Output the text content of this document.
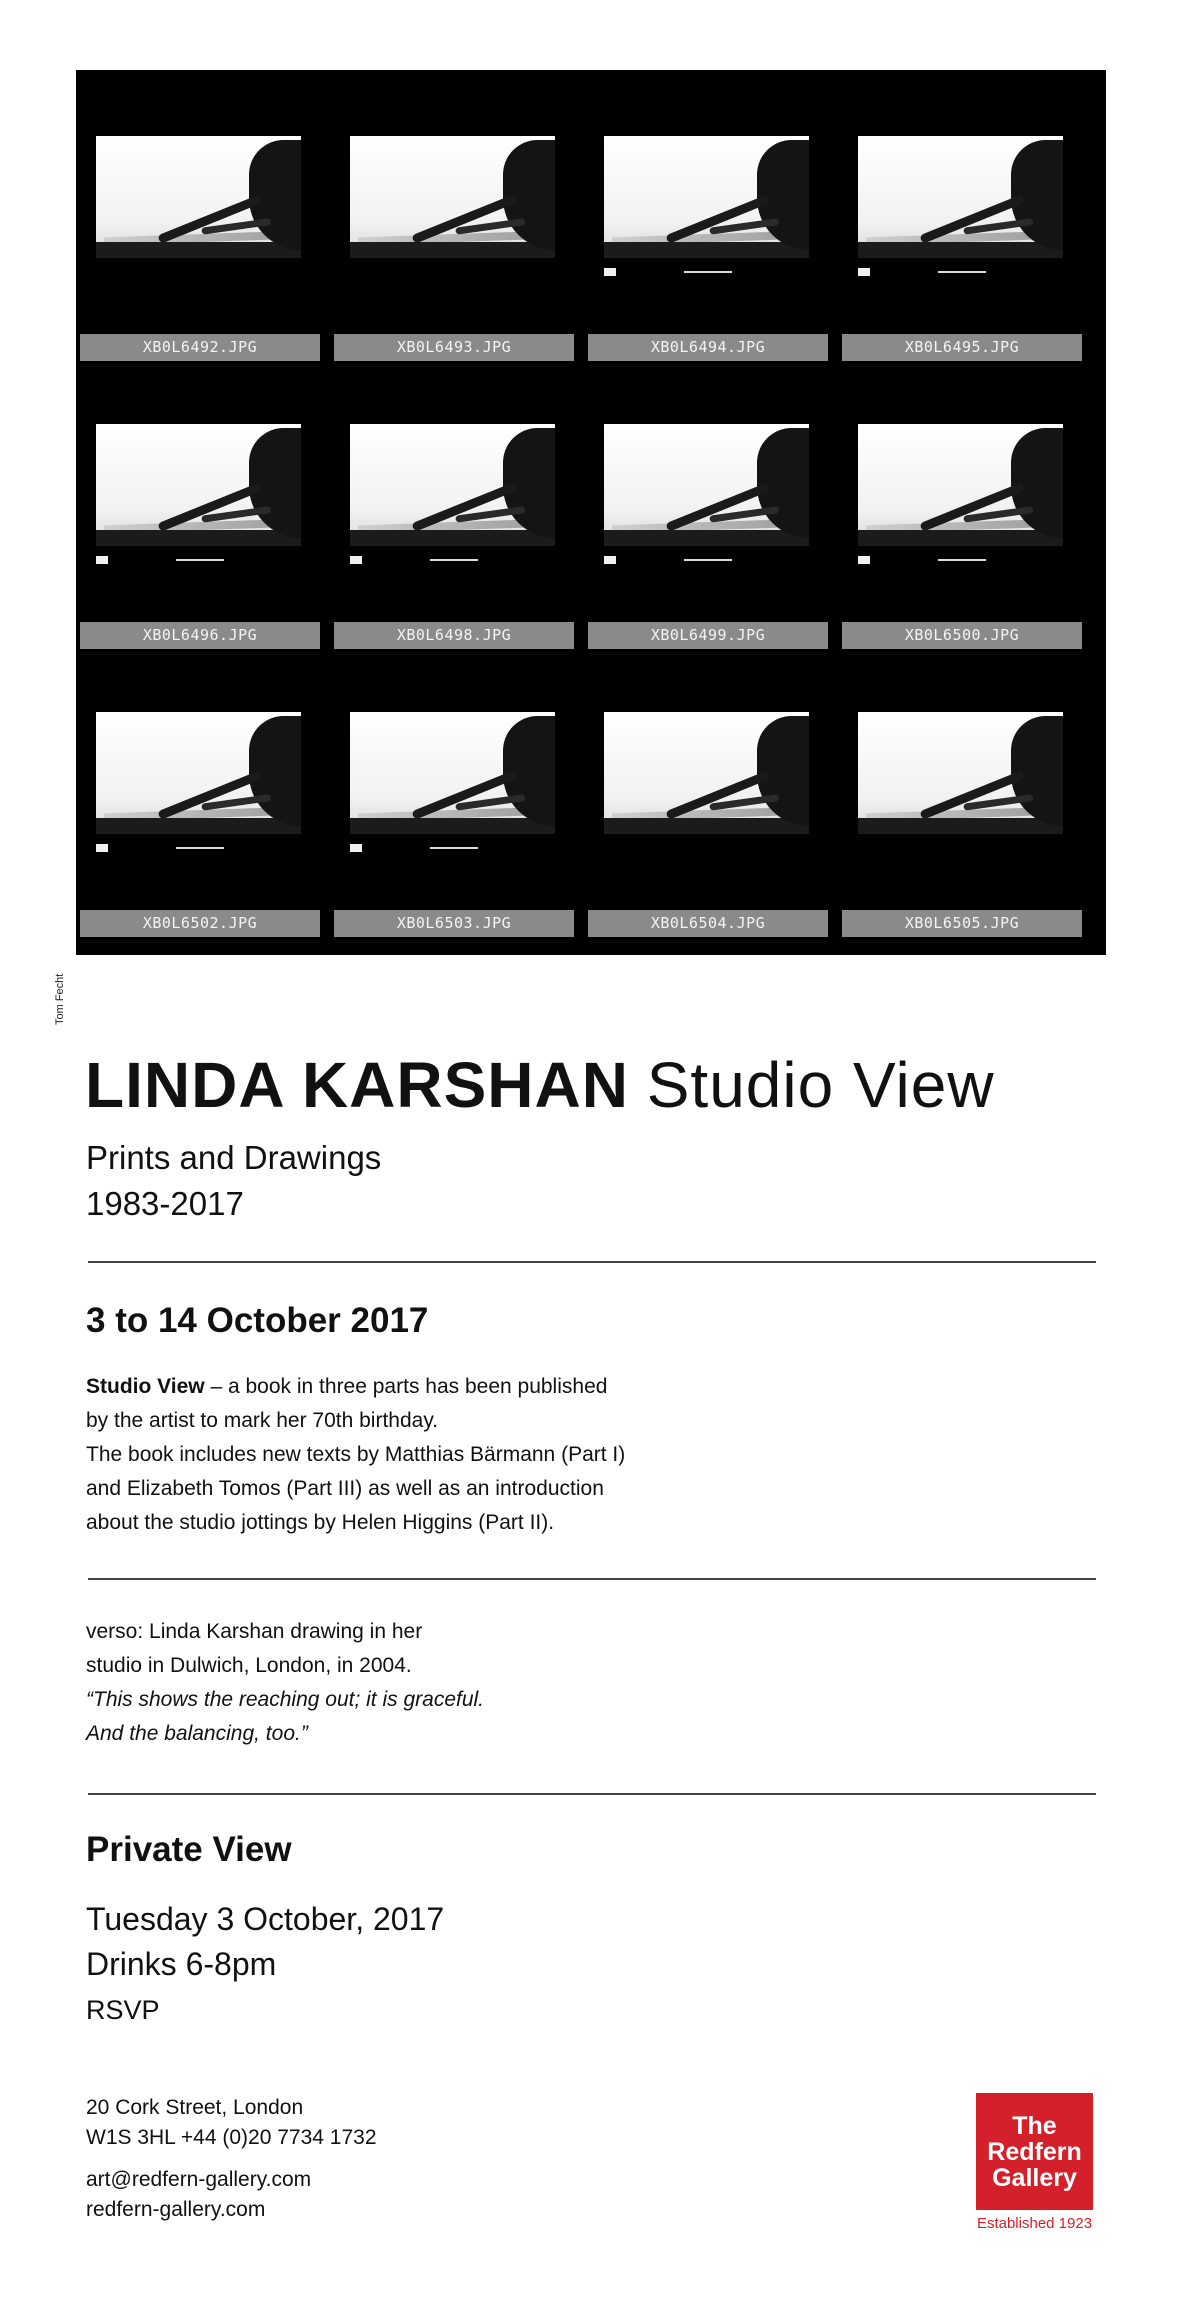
XB0L6492.JPG	XB0L6493.JPG	XB0L6494.JPG	XB0L6495.JPG
XB0L6496.JPG	XB0L6498.JPG	XB0L6499.JPG	XB0L6500.JPG
XB0L6502.JPG	XB0L6503.JPG	XB0L6504.JPG	XB0L6505.JPG
Tom Fecht
LINDA KARSHAN Studio View
Prints and Drawings
1983-2017
3 to 14 October 2017
Studio View – a book in three parts has been published
by the artist to mark her 70th birthday.
The book includes new texts by Matthias Bärmann (Part I)
and Elizabeth Tomos (Part III) as well as an introduction
about the studio jottings by Helen Higgins (Part II).
verso: Linda Karshan drawing in her
studio in Dulwich, London, in 2004.
“This shows the reaching out; it is graceful.
And the balancing, too.”
Private View
Tuesday 3 October, 2017
Drinks 6-8pm
RSVP
20 Cork Street, London
W1S 3HL +44 (0)20 7734 1732
art@redfern-gallery.com
redfern-gallery.com
The
Redfern
Gallery
Established 1923
